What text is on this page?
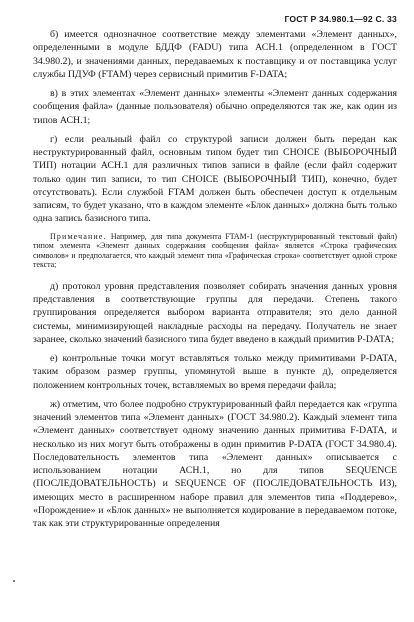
ГОСТ Р 34.980.1—92 С. 33

б) имеется однозначное соответствие между элементами «Элемент данных», определенными в модуле БДДФ (FADU) типа АСН.1 (определенном в ГОСТ 34.980.2), и значениями данных, передаваемых к поставщику и от поставщика услуг службы ПДУФ (FTAM) через сервисный примитив F-DATA;

в) в этих элементах «Элемент данных» элементы «Элемент данных содержания сообщения файла» (данные пользователя) обычно определяются так же, как один из типов АСН.1;

г) если реальный файл со структурой записи должен быть передан как неструктурированный файл, основным типом будет тип CHOICE (ВЫБОРОЧНЫЙ ТИП) нотации АСН.1 для различных типов записи в файле (если файл содержит только один тип записи, то тип CHOICE (ВЫБОРОЧНЫЙ ТИП), конечно, будет отсутствовать). Если службой FTAM должен быть обеспечен доступ к отдельным записям, то будет указано, что в каждом элементе «Блок данных» должна быть только одна запись базисного типа.

Примечание. Например, для типа документа FTAM-1 (неструктурированный текстовый файл) типом элемента «Элемент данных содержания сообщения файла» является «Строка графических символов» и предполагается, что каждый элемент типа «Графическая строка» соответствует одной строке текста;

д) протокол уровня представления позволяет собирать значения данных уровня представления в соответствующие группы для передачи. Степень такого группирования определяется выбором варианта отправителя; это дело данной системы, минимизирующей накладные расходы на передачу. Получатель не знает заранее, сколько значений базисного типа будет введено в каждый примитив P-DATA;

е) контрольные точки могут вставляться только между примитивами P-DATA, таким образом размер группы, упомянутой выше в пункте д), определяется положением контрольных точек, вставляемых во время передачи файла;

ж) отметим, что более подробно структурированный файл передается как «группа значений элементов типа «Элемент данных» (ГОСТ 34.980.2). Каждый элемент типа «Элемент данных» соответствует одному значению данных примитива F-DATA, и несколько из них могут быть отображены в один примитив P-DATA (ГОСТ 34.980.4). Последовательность элементов типа «Элемент данных» описывается с использованием нотации АСН.1, но для типов SEQUENCE (ПОСЛЕДОВАТЕЛЬНОСТЬ) и SEQUENCE OF (ПОСЛЕДОВАТЕЛЬНОСТЬ ИЗ), имеющих место в расширенном наборе правил для элементов типа «Поддерево», «Порождение» и «Блок данных» не выполняется кодирование в передаваемом потоке, так как эти структурированные определения
